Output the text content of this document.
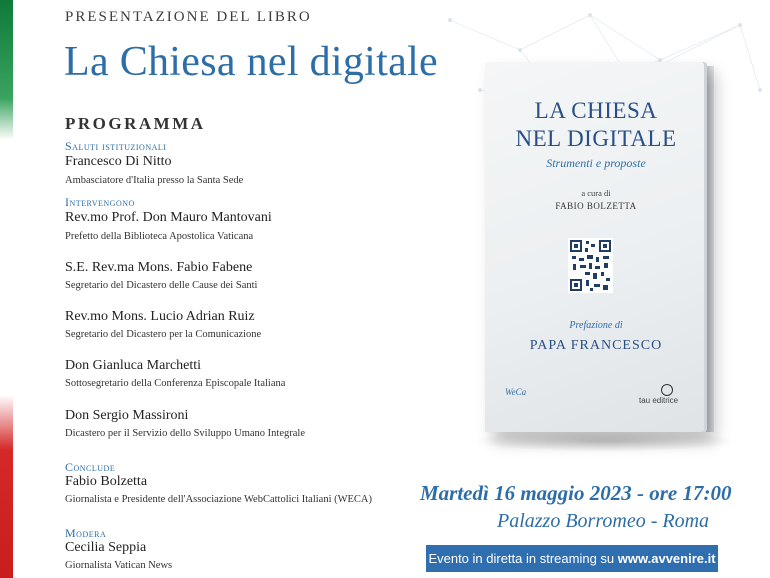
PRESENTAZIONE DEL LIBRO
La Chiesa nel digitale
PROGRAMMA
Saluti istituzionali
Francesco Di Nitto
Ambasciatore d'Italia presso la Santa Sede
Intervengono
Rev.mo Prof. Don Mauro Mantovani
Prefetto della Biblioteca Apostolica Vaticana
S.E. Rev.ma Mons. Fabio Fabene
Segretario del Dicastero delle Cause dei Santi
Rev.mo Mons. Lucio Adrian Ruiz
Segretario del Dicastero per la Comunicazione
Don Gianluca Marchetti
Sottosegretario della Conferenza Episcopale Italiana
Don Sergio Massironi
Dicastero per il Servizio dello Sviluppo Umano Integrale
Conclude
Fabio Bolzetta
Giornalista e Presidente dell'Associazione WebCattolici Italiani (WECA)
Modera
Cecilia Seppia
Giornalista Vatican News
LA CHIESA
NEL DIGITALE
Strumenti e proposte
a cura di
FABIO BOLZETTA
Prefazione di
PAPA FRANCESCO
WeCa
tau editrice
Martedì 16 maggio 2023 - ore 17:00
Palazzo Borromeo - Roma
Evento in diretta in streaming su www.avvenire.it
